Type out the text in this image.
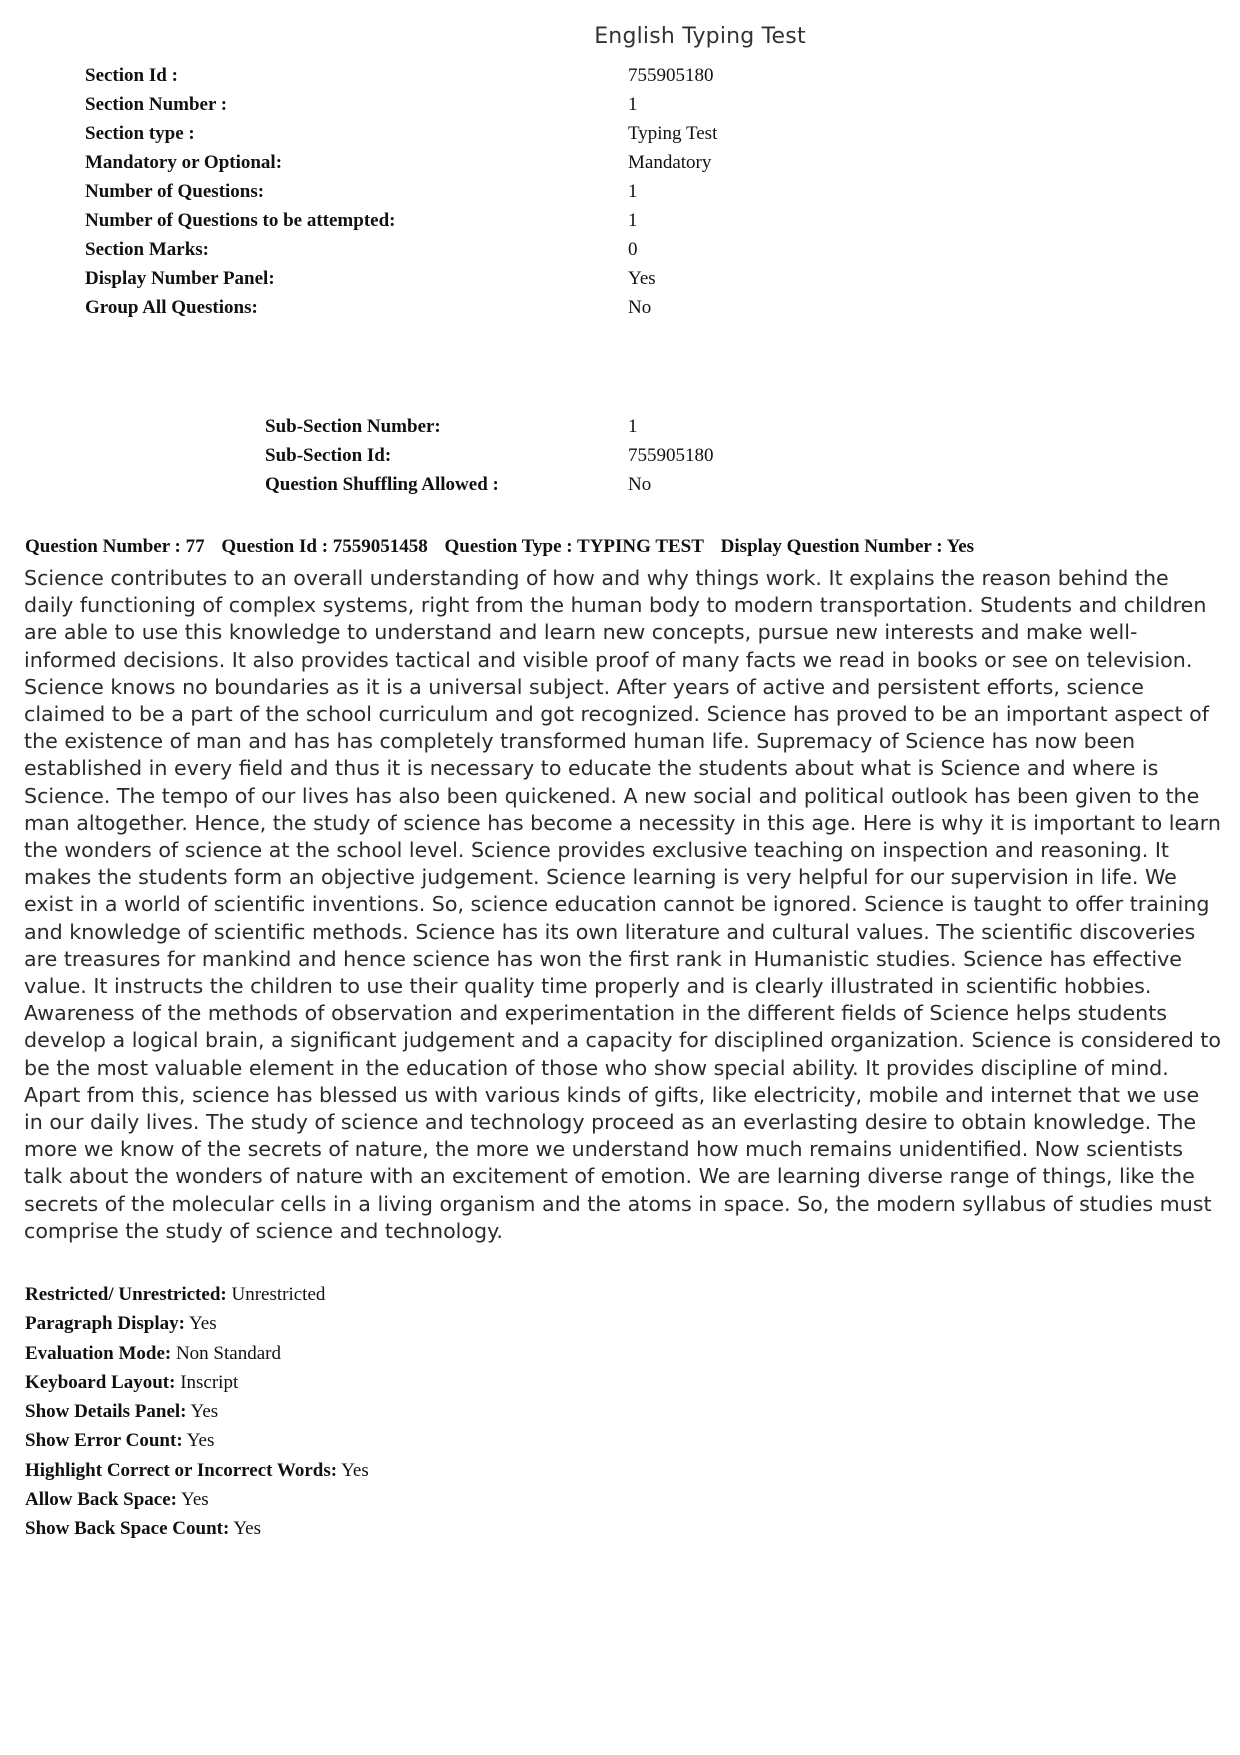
English Typing Test
Section Id :	755905180
Section Number :	1
Section type :	Typing Test
Mandatory or Optional:	Mandatory
Number of Questions:	1
Number of Questions to be attempted:	1
Section Marks:	0
Display Number Panel:	Yes
Group All Questions:	No
Sub-Section Number:	1
Sub-Section Id:	755905180
Question Shuffling Allowed :	No
Question Number : 77 Question Id : 7559051458 Question Type : TYPING TEST Display Question Number : Yes

Science contributes to an overall understanding of how and why things work. It explains the reason behind the daily functioning of complex systems, right from the human body to modern transportation. Students and children are able to use this knowledge to understand and learn new concepts, pursue new interests and make well-informed decisions. It also provides tactical and visible proof of many facts we read in books or see on television. Science knows no boundaries as it is a universal subject. After years of active and persistent efforts, science claimed to be a part of the school curriculum and got recognized. Science has proved to be an important aspect of the existence of man and has has completely transformed human life. Supremacy of Science has now been established in every field and thus it is necessary to educate the students about what is Science and where is Science. The tempo of our lives has also been quickened. A new social and political outlook has been given to the man altogether. Hence, the study of science has become a necessity in this age. Here is why it is important to learn the wonders of science at the school level. Science provides exclusive teaching on inspection and reasoning. It makes the students form an objective judgement. Science learning is very helpful for our supervision in life. We exist in a world of scientific inventions. So, science education cannot be ignored. Science is taught to offer training and knowledge of scientific methods. Science has its own literature and cultural values. The scientific discoveries are treasures for mankind and hence science has won the first rank in Humanistic studies. Science has effective value. It instructs the children to use their quality time properly and is clearly illustrated in scientific hobbies. Awareness of the methods of observation and experimentation in the different fields of Science helps students develop a logical brain, a significant judgement and a capacity for disciplined organization. Science is considered to be the most valuable element in the education of those who show special ability. It provides discipline of mind. Apart from this, science has blessed us with various kinds of gifts, like electricity, mobile and internet that we use in our daily lives. The study of science and technology proceed as an everlasting desire to obtain knowledge. The more we know of the secrets of nature, the more we understand how much remains unidentified. Now scientists talk about the wonders of nature with an excitement of emotion. We are learning diverse range of things, like the secrets of the molecular cells in a living organism and the atoms in space. So, the modern syllabus of studies must comprise the study of science and technology.

Restricted/ Unrestricted: Unrestricted
Paragraph Display: Yes
Evaluation Mode: Non Standard
Keyboard Layout: Inscript
Show Details Panel: Yes
Show Error Count: Yes
Highlight Correct or Incorrect Words: Yes
Allow Back Space: Yes
Show Back Space Count: Yes
